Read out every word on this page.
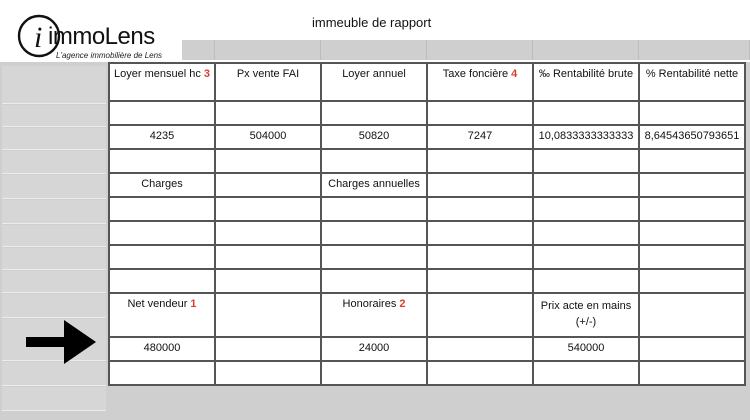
i immoLens
L'agence immobilière de Lens
immeuble de rapport
Loyer mensuel hc 3	Px vente FAI	Loyer annuel	Taxe foncière 4	‰ Rentabilité brute	% Rentabilité nette

4235	504000	50820	7247	10,0833333333333	8,64543650793651

Charges		Charges annuelles			

Net vendeur 1		Honoraires 2		Prix acte en mains (+/-)	
480000		24000		540000	
